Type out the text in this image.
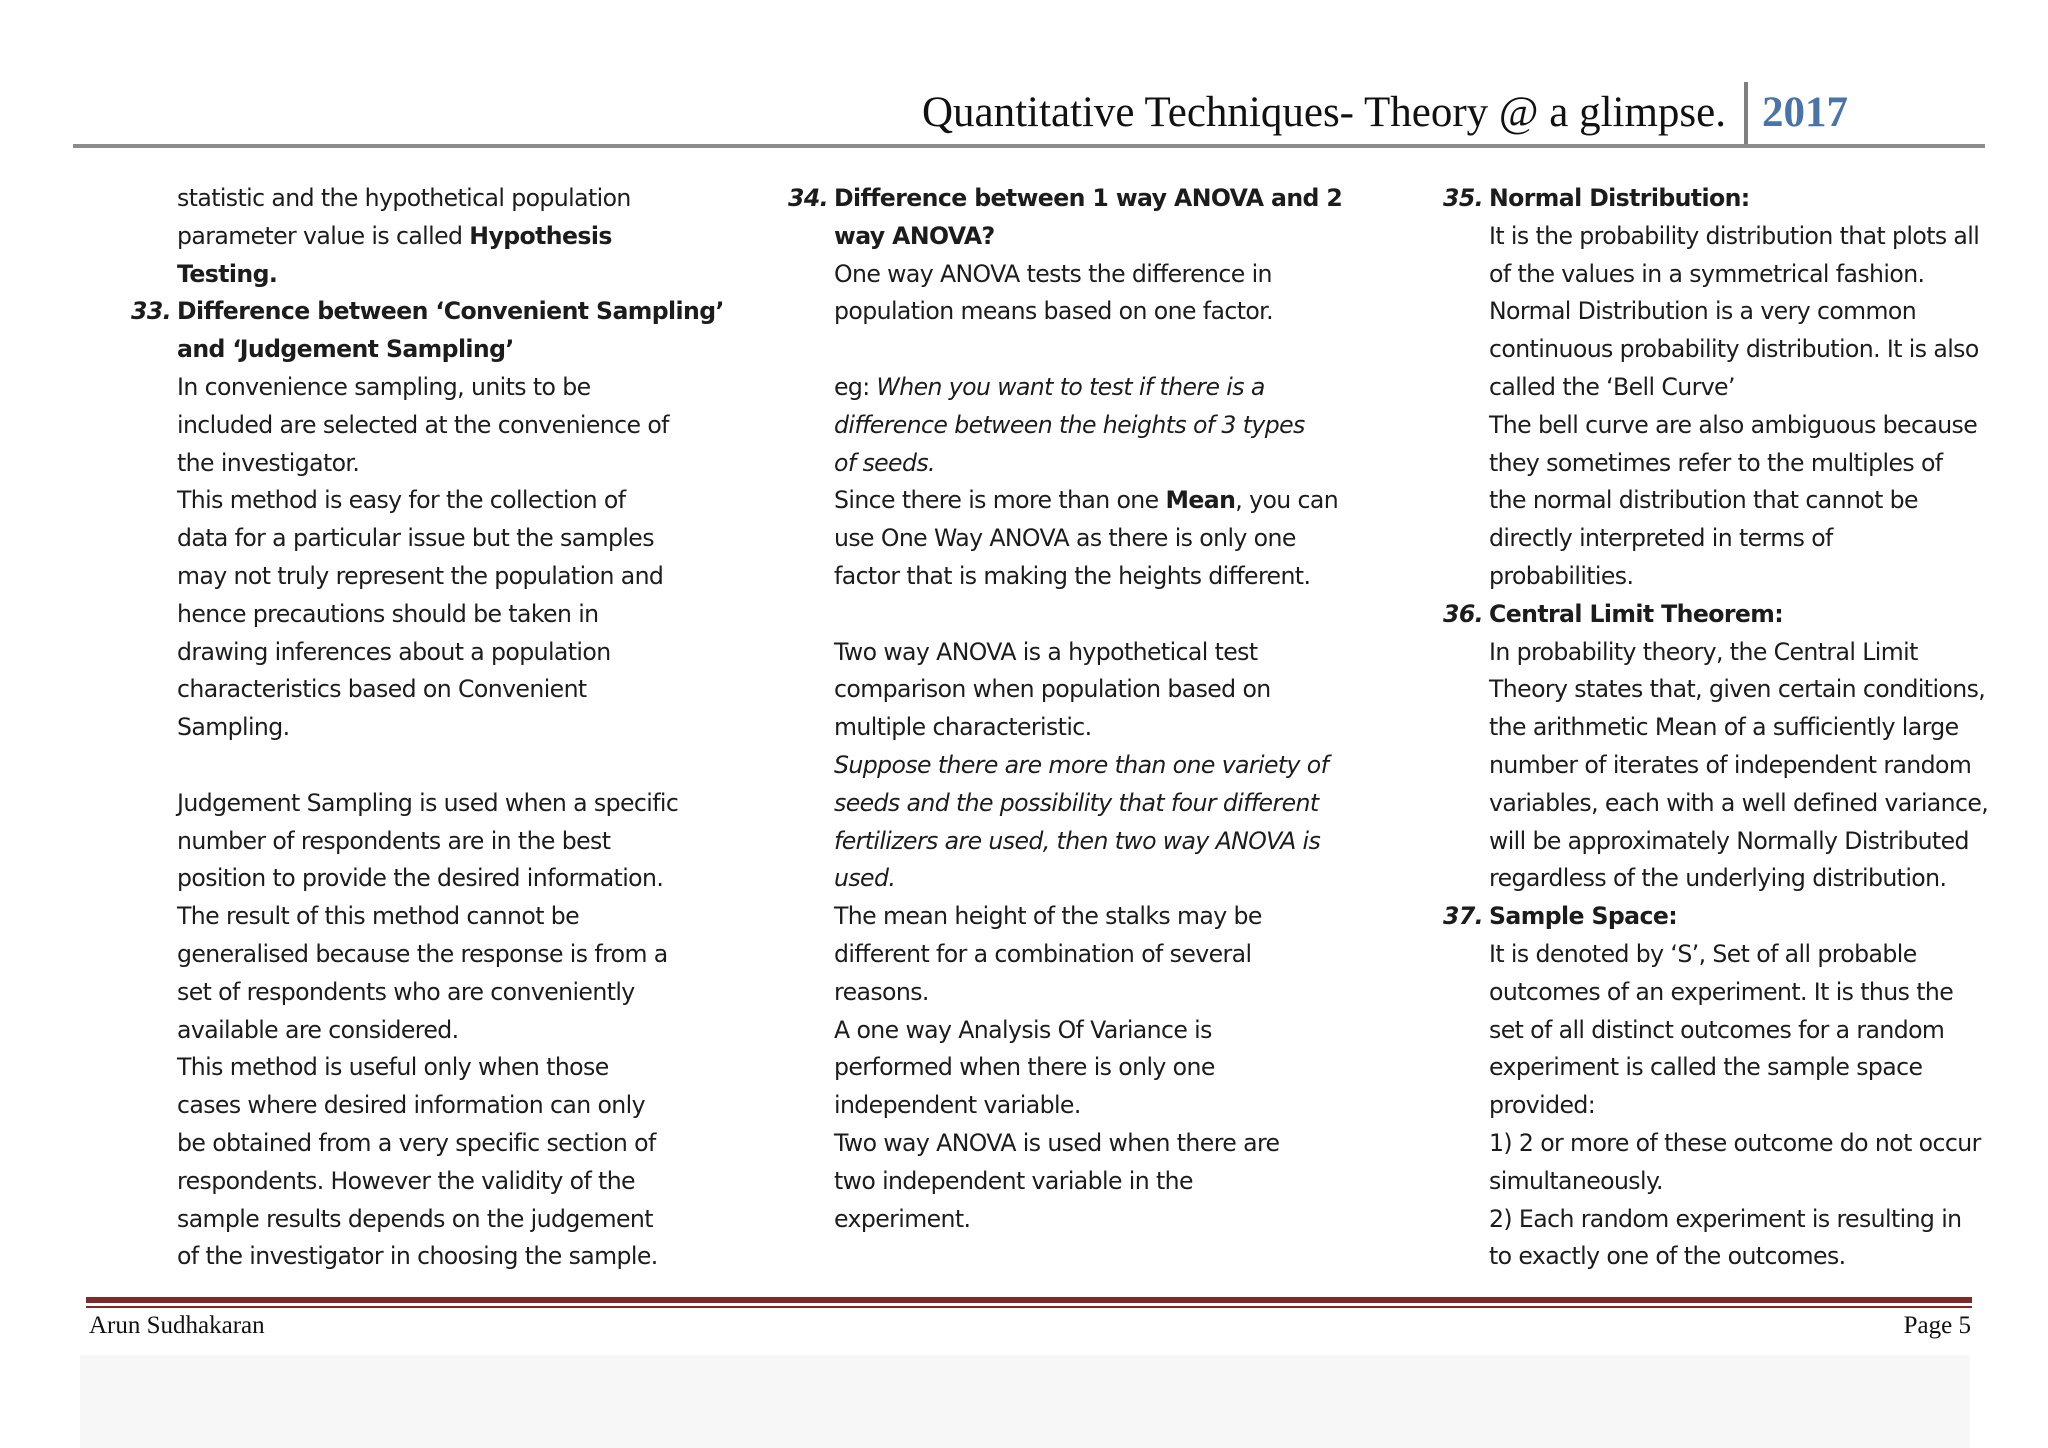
Quantitative Techniques- Theory @ a glimpse. 2017

statistic and the hypothetical population

parameter value is called Hypothesis

Testing.

33. Difference between ‘Convenient Sampling’

and ‘Judgement Sampling’

In convenience sampling, units to be

included are selected at the convenience of

the investigator.

This method is easy for the collection of

data for a particular issue but the samples

may not truly represent the population and

hence precautions should be taken in

drawing inferences about a population

characteristics based on Convenient

Sampling.

Judgement Sampling is used when a specific

number of respondents are in the best

position to provide the desired information.

The result of this method cannot be

generalised because the response is from a

set of respondents who are conveniently

available are considered.

This method is useful only when those

cases where desired information can only

be obtained from a very specific section of

respondents. However the validity of the

sample results depends on the judgement

of the investigator in choosing the sample.

34. Difference between 1 way ANOVA and 2

way ANOVA?

One way ANOVA tests the difference in

population means based on one factor.

eg: When you want to test if there is a

difference between the heights of 3 types

of seeds.

Since there is more than one Mean, you can

use One Way ANOVA as there is only one

factor that is making the heights different.

Two way ANOVA is a hypothetical test

comparison when population based on

multiple characteristic.

Suppose there are more than one variety of

seeds and the possibility that four different

fertilizers are used, then two way ANOVA is

used.

The mean height of the stalks may be

different for a combination of several

reasons.

A one way Analysis Of Variance is

performed when there is only one

independent variable.

Two way ANOVA is used when there are

two independent variable in the

experiment.

35. Normal Distribution:

It is the probability distribution that plots all

of the values in a symmetrical fashion.

Normal Distribution is a very common

continuous probability distribution. It is also

called the ‘Bell Curve’

The bell curve are also ambiguous because

they sometimes refer to the multiples of

the normal distribution that cannot be

directly interpreted in terms of

probabilities.

36. Central Limit Theorem:

In probability theory, the Central Limit

Theory states that, given certain conditions,

the arithmetic Mean of a sufficiently large

number of iterates of independent random

variables, each with a well defined variance,

will be approximately Normally Distributed

regardless of the underlying distribution.

37. Sample Space:

It is denoted by ‘S’, Set of all probable

outcomes of an experiment. It is thus the

set of all distinct outcomes for a random

experiment is called the sample space

provided:

1) 2 or more of these outcome do not occur

simultaneously.

2) Each random experiment is resulting in

to exactly one of the outcomes.

Arun Sudhakaran	Page 5
